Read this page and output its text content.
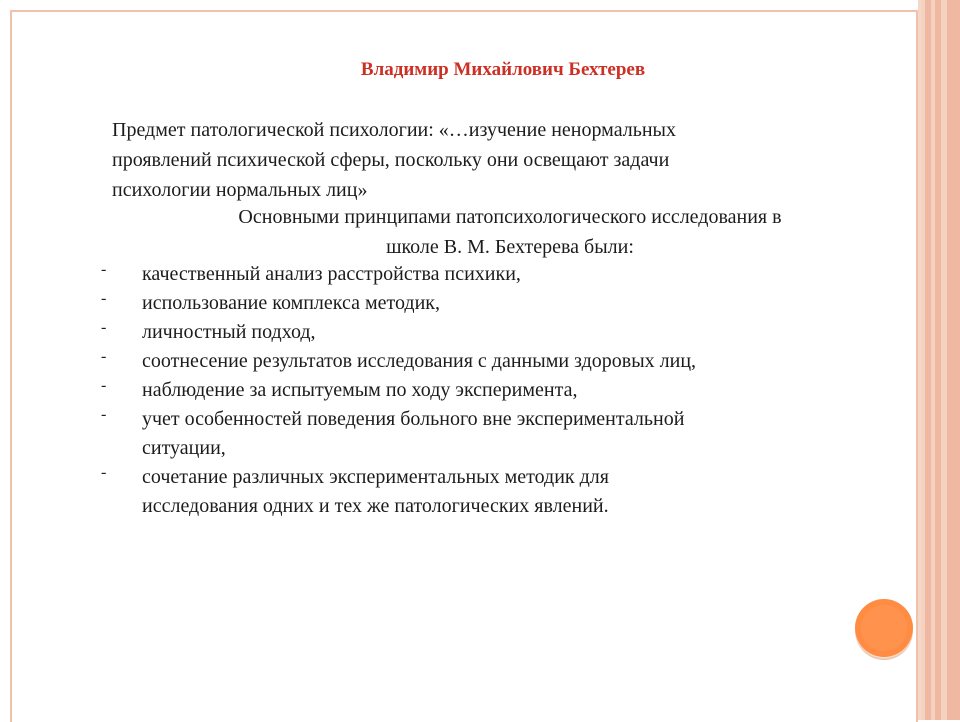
Владимир Михайлович Бехтерев

Предмет патологической психологии: «…изучение ненормальных

проявлений психической сферы, поскольку они освещают задачи

психологии нормальных лиц»

Основными принципами патопсихологического исследования в
школе В. М. Бехтерева были:
- качественный анализ расстройства психики,
- использование комплекса методик,
- личностный подход,
- соотнесение результатов исследования с данными здоровых лиц,
- наблюдение за испытуемым по ходу эксперимента,
- учет особенностей поведения больного вне экспериментальной
ситуации,
- сочетание различных экспериментальных методик для
исследования одних и тех же патологических явлений.
